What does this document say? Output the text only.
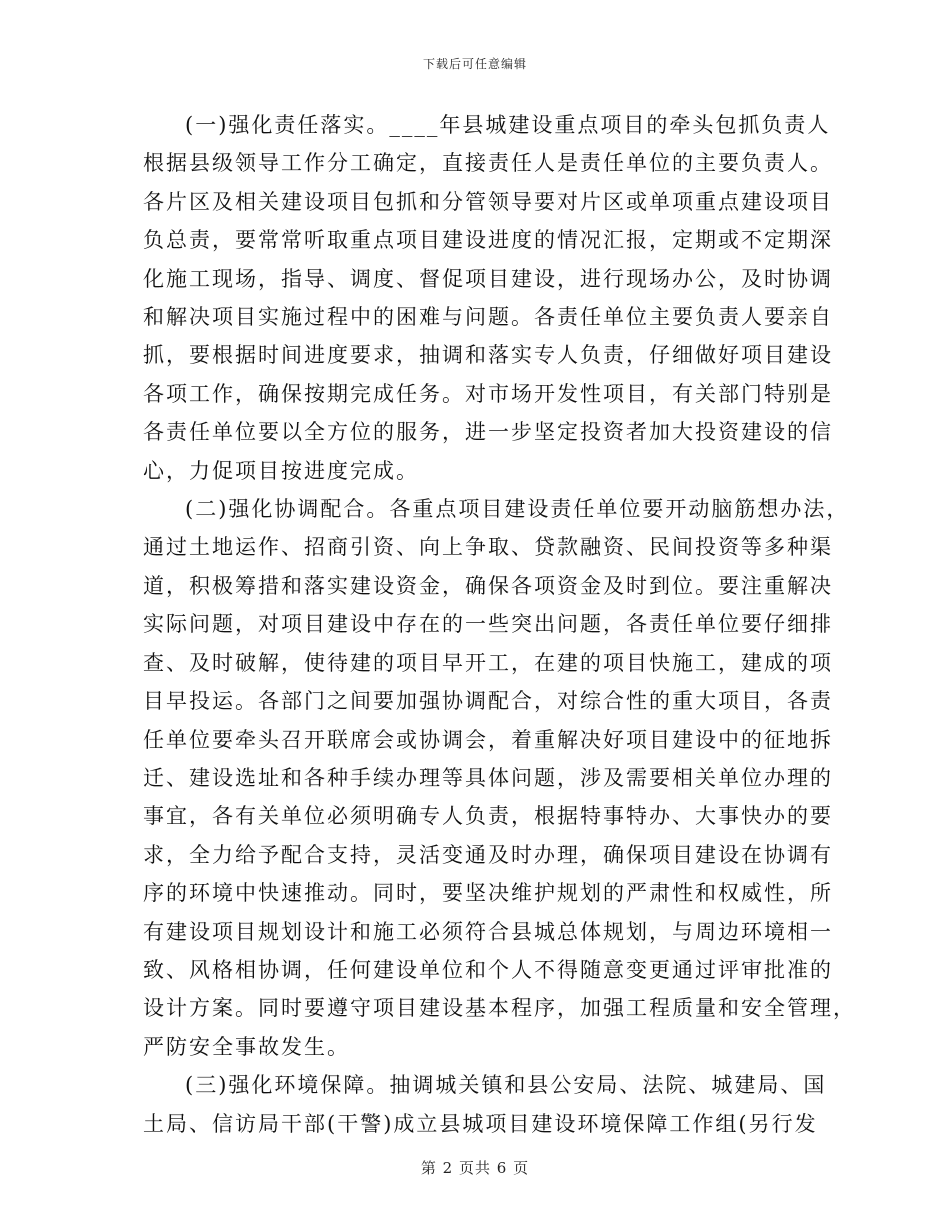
下载后可任意编辑

(一)强化责任落实。____年县城建设重点项目的牵头包抓负责人
根据县级领导工作分工确定，直接责任人是责任单位的主要负责人。
各片区及相关建设项目包抓和分管领导要对片区或单项重点建设项目
负总责，要常常听取重点项目建设进度的情况汇报，定期或不定期深
化施工现场，指导、调度、督促项目建设，进行现场办公，及时协调
和解决项目实施过程中的困难与问题。各责任单位主要负责人要亲自
抓，要根据时间进度要求，抽调和落实专人负责，仔细做好项目建设
各项工作，确保按期完成任务。对市场开发性项目，有关部门特别是
各责任单位要以全方位的服务，进一步坚定投资者加大投资建设的信
心，力促项目按进度完成。

(二)强化协调配合。各重点项目建设责任单位要开动脑筋想办法，
通过土地运作、招商引资、向上争取、贷款融资、民间投资等多种渠
道，积极筹措和落实建设资金，确保各项资金及时到位。要注重解决
实际问题，对项目建设中存在的一些突出问题，各责任单位要仔细排
查、及时破解，使待建的项目早开工，在建的项目快施工，建成的项
目早投运。各部门之间要加强协调配合，对综合性的重大项目，各责
任单位要牵头召开联席会或协调会，着重解决好项目建设中的征地拆
迁、建设选址和各种手续办理等具体问题，涉及需要相关单位办理的
事宜，各有关单位必须明确专人负责，根据特事特办、大事快办的要
求，全力给予配合支持，灵活变通及时办理，确保项目建设在协调有
序的环境中快速推动。同时，要坚决维护规划的严肃性和权威性，所
有建设项目规划设计和施工必须符合县城总体规划，与周边环境相一
致、风格相协调，任何建设单位和个人不得随意变更通过评审批准的
设计方案。同时要遵守项目建设基本程序，加强工程质量和安全管理，
严防安全事故发生。

(三)强化环境保障。抽调城关镇和县公安局、法院、城建局、国
土局、信访局干部(干警)成立县城项目建设环境保障工作组(另行发

第 2 页共 6 页
